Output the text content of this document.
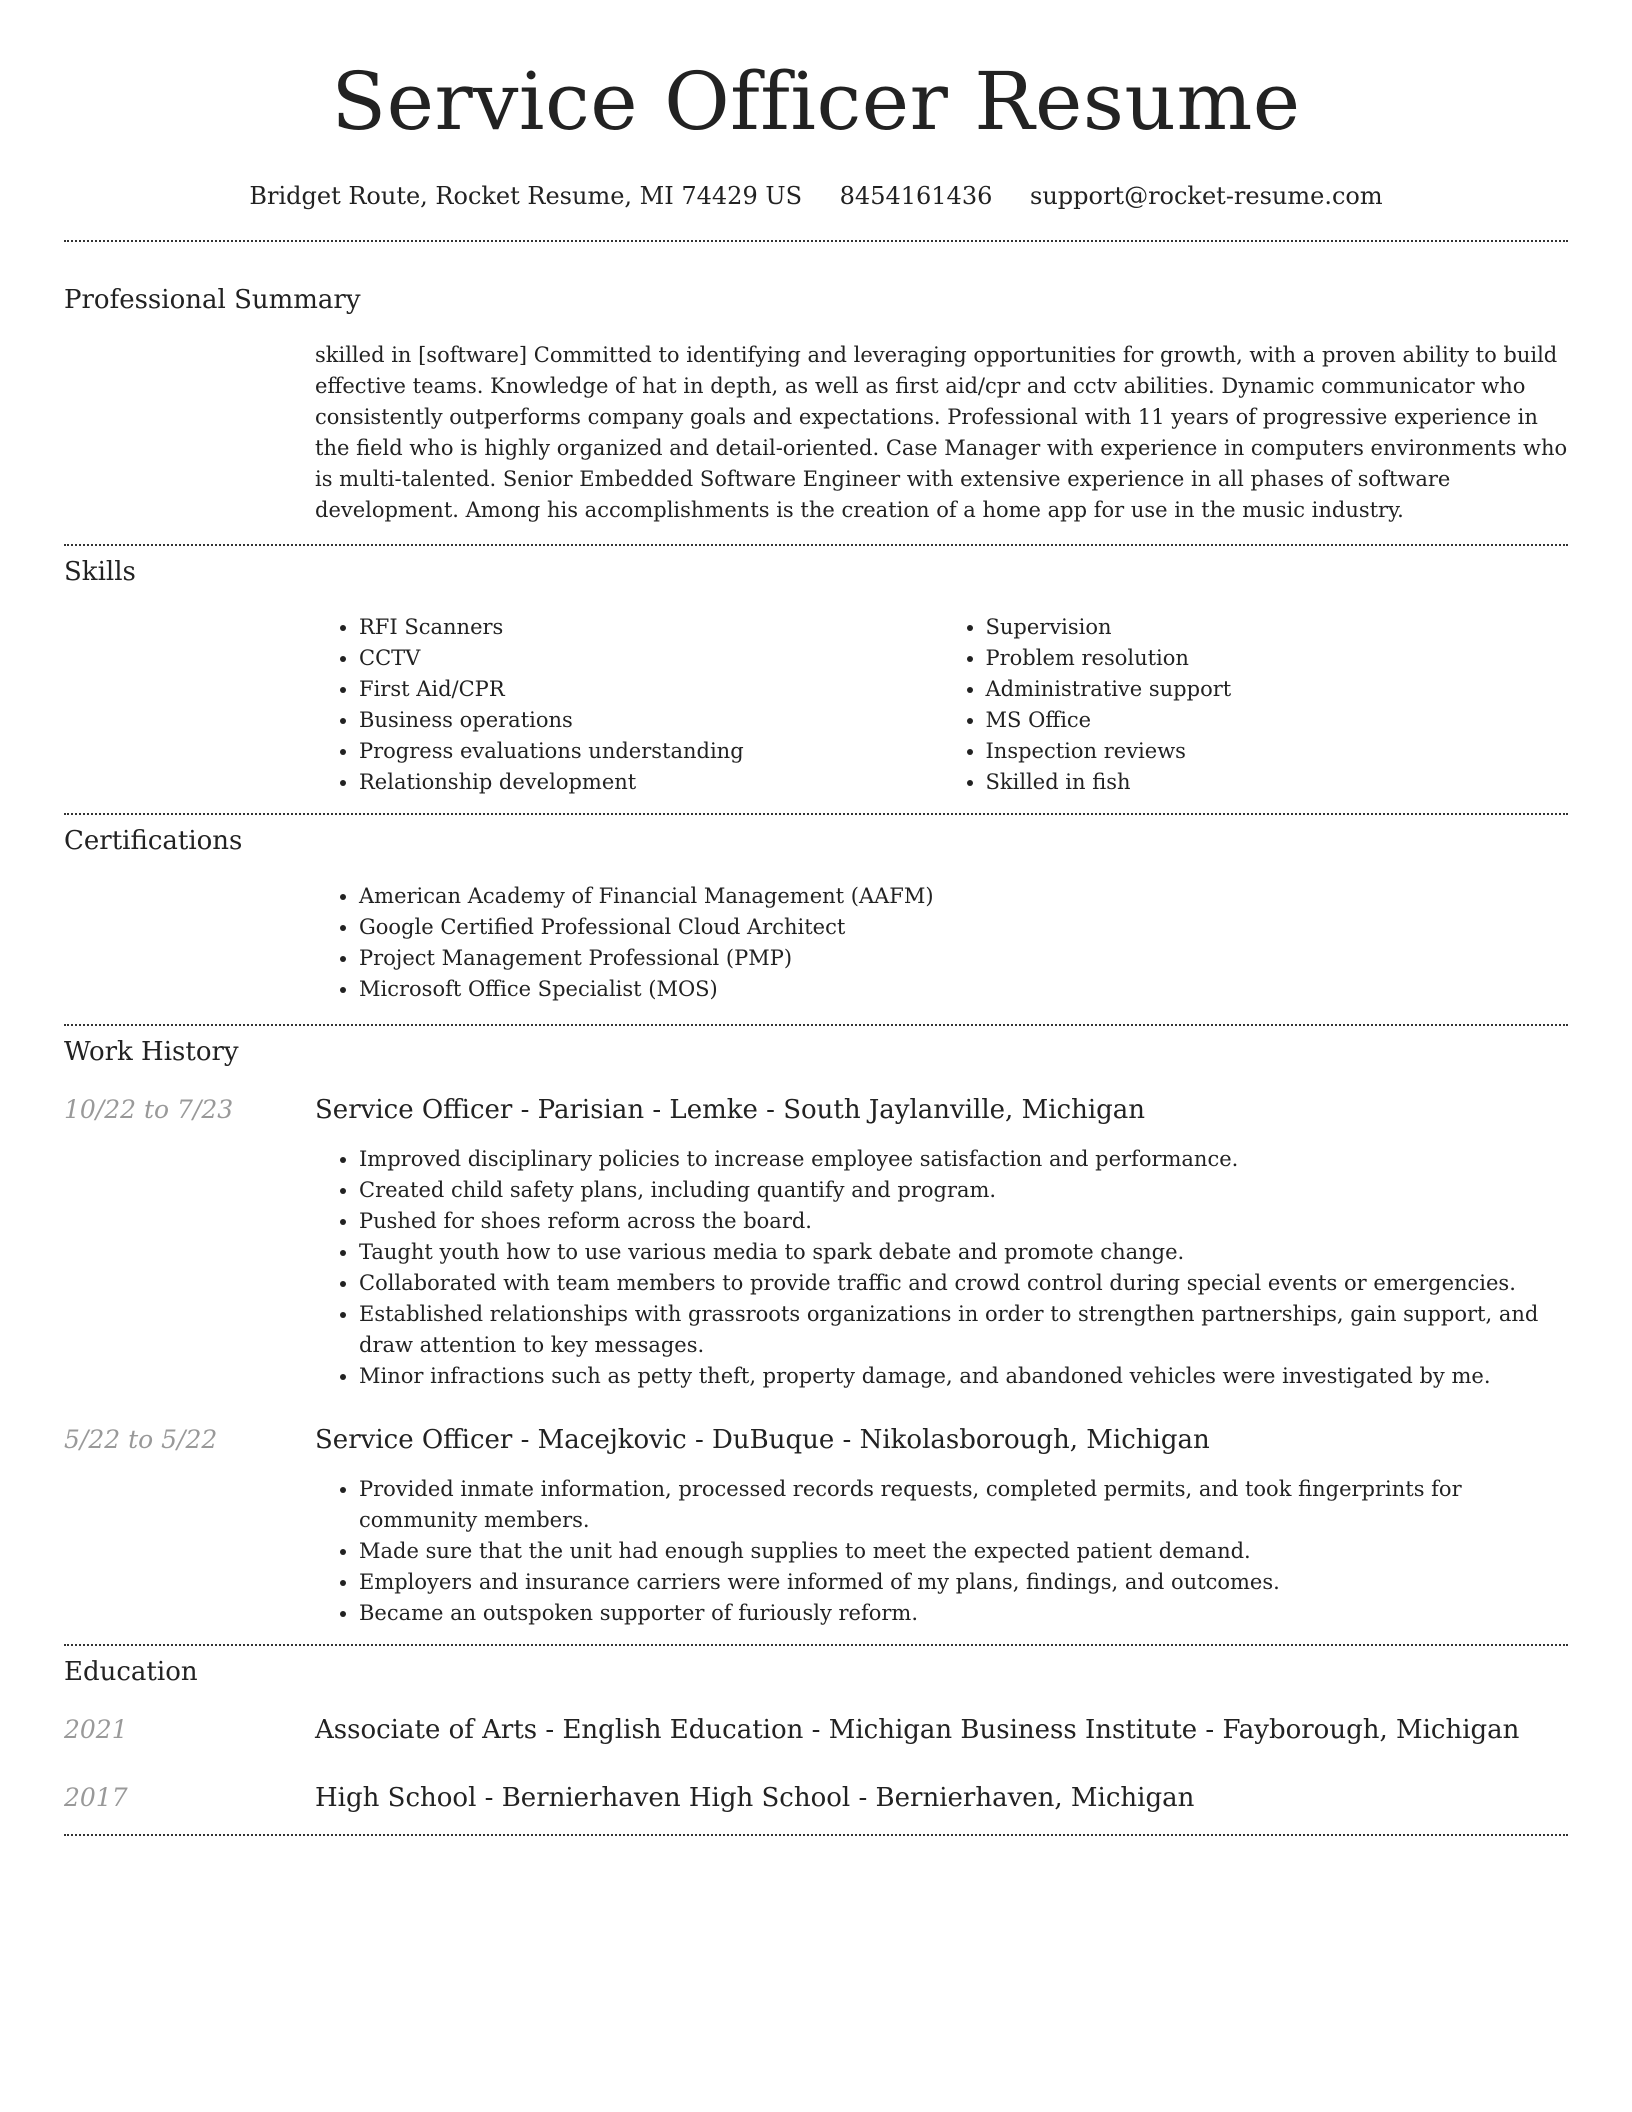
Service Officer Resume
Bridget Route, Rocket Resume, MI 74429 US 8454161436 support@rocket-resume.com
Professional Summary

skilled in [software] Committed to identifying and leveraging opportunities for growth, with a proven ability to build effective teams. Knowledge of hat in depth, as well as first aid/cpr and cctv abilities. Dynamic communicator who consistently outperforms company goals and expectations. Professional with 11 years of progressive experience in the field who is highly organized and detail-oriented. Case Manager with experience in computers environments who is multi-talented. Senior Embedded Software Engineer with extensive experience in all phases of software development. Among his accomplishments is the creation of a home app for use in the music industry.

Skills
• RFI Scanners
• CCTV
• First Aid/CPR
• Business operations
• Progress evaluations understanding
• Relationship development
• Supervision
• Problem resolution
• Administrative support
• MS Office
• Inspection reviews
• Skilled in fish
Certifications
• American Academy of Financial Management (AAFM)
• Google Certified Professional Cloud Architect
• Project Management Professional (PMP)
• Microsoft Office Specialist (MOS)
Work History
10/22 to 7/23	Service Officer - Parisian - Lemke - South Jaylanville, Michigan
• Improved disciplinary policies to increase employee satisfaction and performance.
• Created child safety plans, including quantify and program.
• Pushed for shoes reform across the board.
• Taught youth how to use various media to spark debate and promote change.
• Collaborated with team members to provide traffic and crowd control during special events or emergencies.
• Established relationships with grassroots organizations in order to strengthen partnerships, gain support, and draw attention to key messages.
• Minor infractions such as petty theft, property damage, and abandoned vehicles were investigated by me.
5/22 to 5/22	Service Officer - Macejkovic - DuBuque - Nikolasborough, Michigan
• Provided inmate information, processed records requests, completed permits, and took fingerprints for community members.
• Made sure that the unit had enough supplies to meet the expected patient demand.
• Employers and insurance carriers were informed of my plans, findings, and outcomes.
• Became an outspoken supporter of furiously reform.
Education
2021	Associate of Arts - English Education - Michigan Business Institute - Fayborough, Michigan
2017	High School - Bernierhaven High School - Bernierhaven, Michigan
